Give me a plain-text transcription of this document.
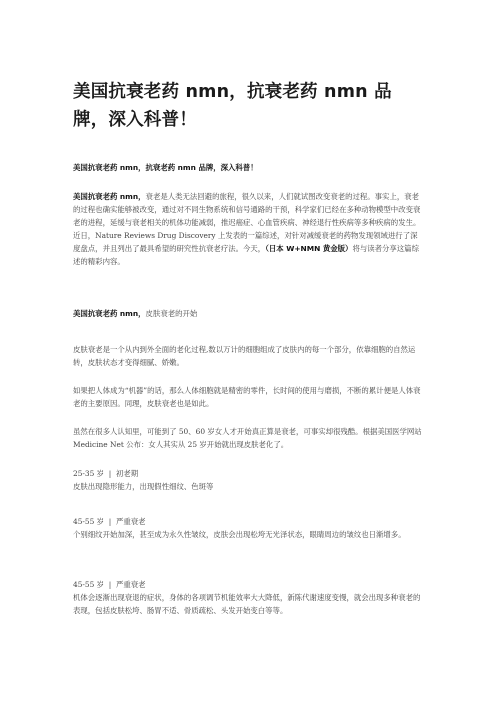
美国抗衰老药 nmn，抗衰老药 nmn 品牌，深入科普！

美国抗衰老药 nmn，抗衰老药 nmn 品牌，深入科普！

美国抗衰老药 nmn，衰老是人类无法回避的旅程，很久以来，人们就试图改变衰老的过程。事实上，衰老的过程也确实能够被改变，通过对不同生物系统和信号通路的干预，科学家们已经在多种动物模型中改变衰老的进程，延缓与衰老相关的机体功能减弱，推迟癌症、心血管疾病、神经退行性疾病等多种疾病的发生。近日，Nature Reviews Drug Discovery 上发表的一篇综述，对针对减缓衰老的药物发现领域进行了深度盘点，并且列出了最具希望的研究性抗衰老疗法。今天，（日本 W+NMN 黄金版）将与读者分享这篇综述的精彩内容。

美国抗衰老药 nmn，皮肤衰老的开始

皮肤衰老是一个从内到外全面的老化过程,数以万计的细胞组成了皮肤内的每一个部分，依靠细胞的自然运转，皮肤状态才变得细腻、娇嫩。

如果把人体成为“机器”的话，那么人体细胞就是精密的零件，长时间的使用与磨损，不断的累计便是人体衰老的主要原因。同理，皮肤衰老也是如此。

虽然在很多人认知里，可能到了 50、60 岁女人才开始真正算是衰老，可事实却很残酷。根据美国医学网站 Medicine Net 公布：女人其实从 25 岁开始就出现皮肤老化了。

25-35 岁 | 初老期
皮肤出现隐形能力，出现假性细纹、色斑等
45-55 岁 | 严重衰老
个别细纹开始加深，甚至成为永久性皱纹，皮肤会出现松垮无光泽状态，眼睛周边的皱纹也日渐增多。
45-55 岁 | 严重衰老
机体会逐渐出现衰退的症状，身体的各项调节机能效率大大降低，新陈代谢速度变慢，就会出现多种衰老的表现，包括皮肤松垮、肠胃不适、骨质疏松、头发开始变白等等。
